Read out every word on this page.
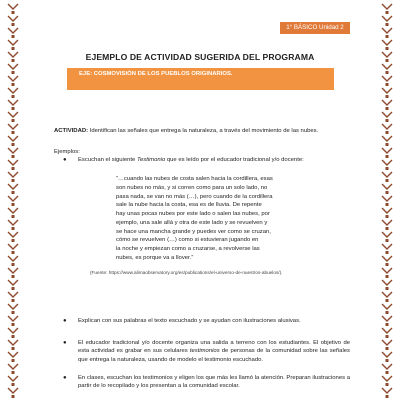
1° BÁSICO Unidad 2
EJEMPLO DE ACTIVIDAD SUGERIDA DEL PROGRAMA
EJE: COSMOVISIÓN DE LOS PUEBLOS ORIGINARIOS.
ACTIVIDAD: Identifican las señales que entrega la naturaleza, a través del movimiento de las nubes.
Ejemplos:
●	Escuchan el siguiente Testimonio que es leído por el educador tradicional y/o docente:
“…cuando las nubes de costa salen hacia la cordillera, esas
son nubes no más, y si corren como para un solo lado, no
pasa nada, se van no más (…), pero cuando de la cordillera
sale la nube hacia la costa, esa es de lluvia. De repente
hay unas pocas nubes por este lado o salen las nubes, por
ejemplo, una sale allá y otra de este lado y se revuelven y
se hace una mancha grande y puedes ver como se cruzan,
cómo se revuelven (…) como si estuvieran jugando en
la noche y empiezan como a cruzarse, a revolverse las
nubes, es porque va a llover.”
(Fuente: https://www.alimaobservatory.org/es/publications/el-universo-de-nuestros-abuelos/).
●	Explican con sus palabras el texto escuchado y se ayudan con ilustraciones alusivas.
●	El educador tradicional y/o docente organiza una salida a terreno con los estudiantes. El objetivo de esta actividad es grabar en sus celulares testimonios de personas de la comunidad sobre las señales que entrega la naturaleza, usando de modelo el testimonio escuchado.
●	En clases, escuchan los testimonios y eligen los que más les llamó la atención. Preparan ilustraciones a partir de lo recopilado y los presentan a la comunidad escolar.
